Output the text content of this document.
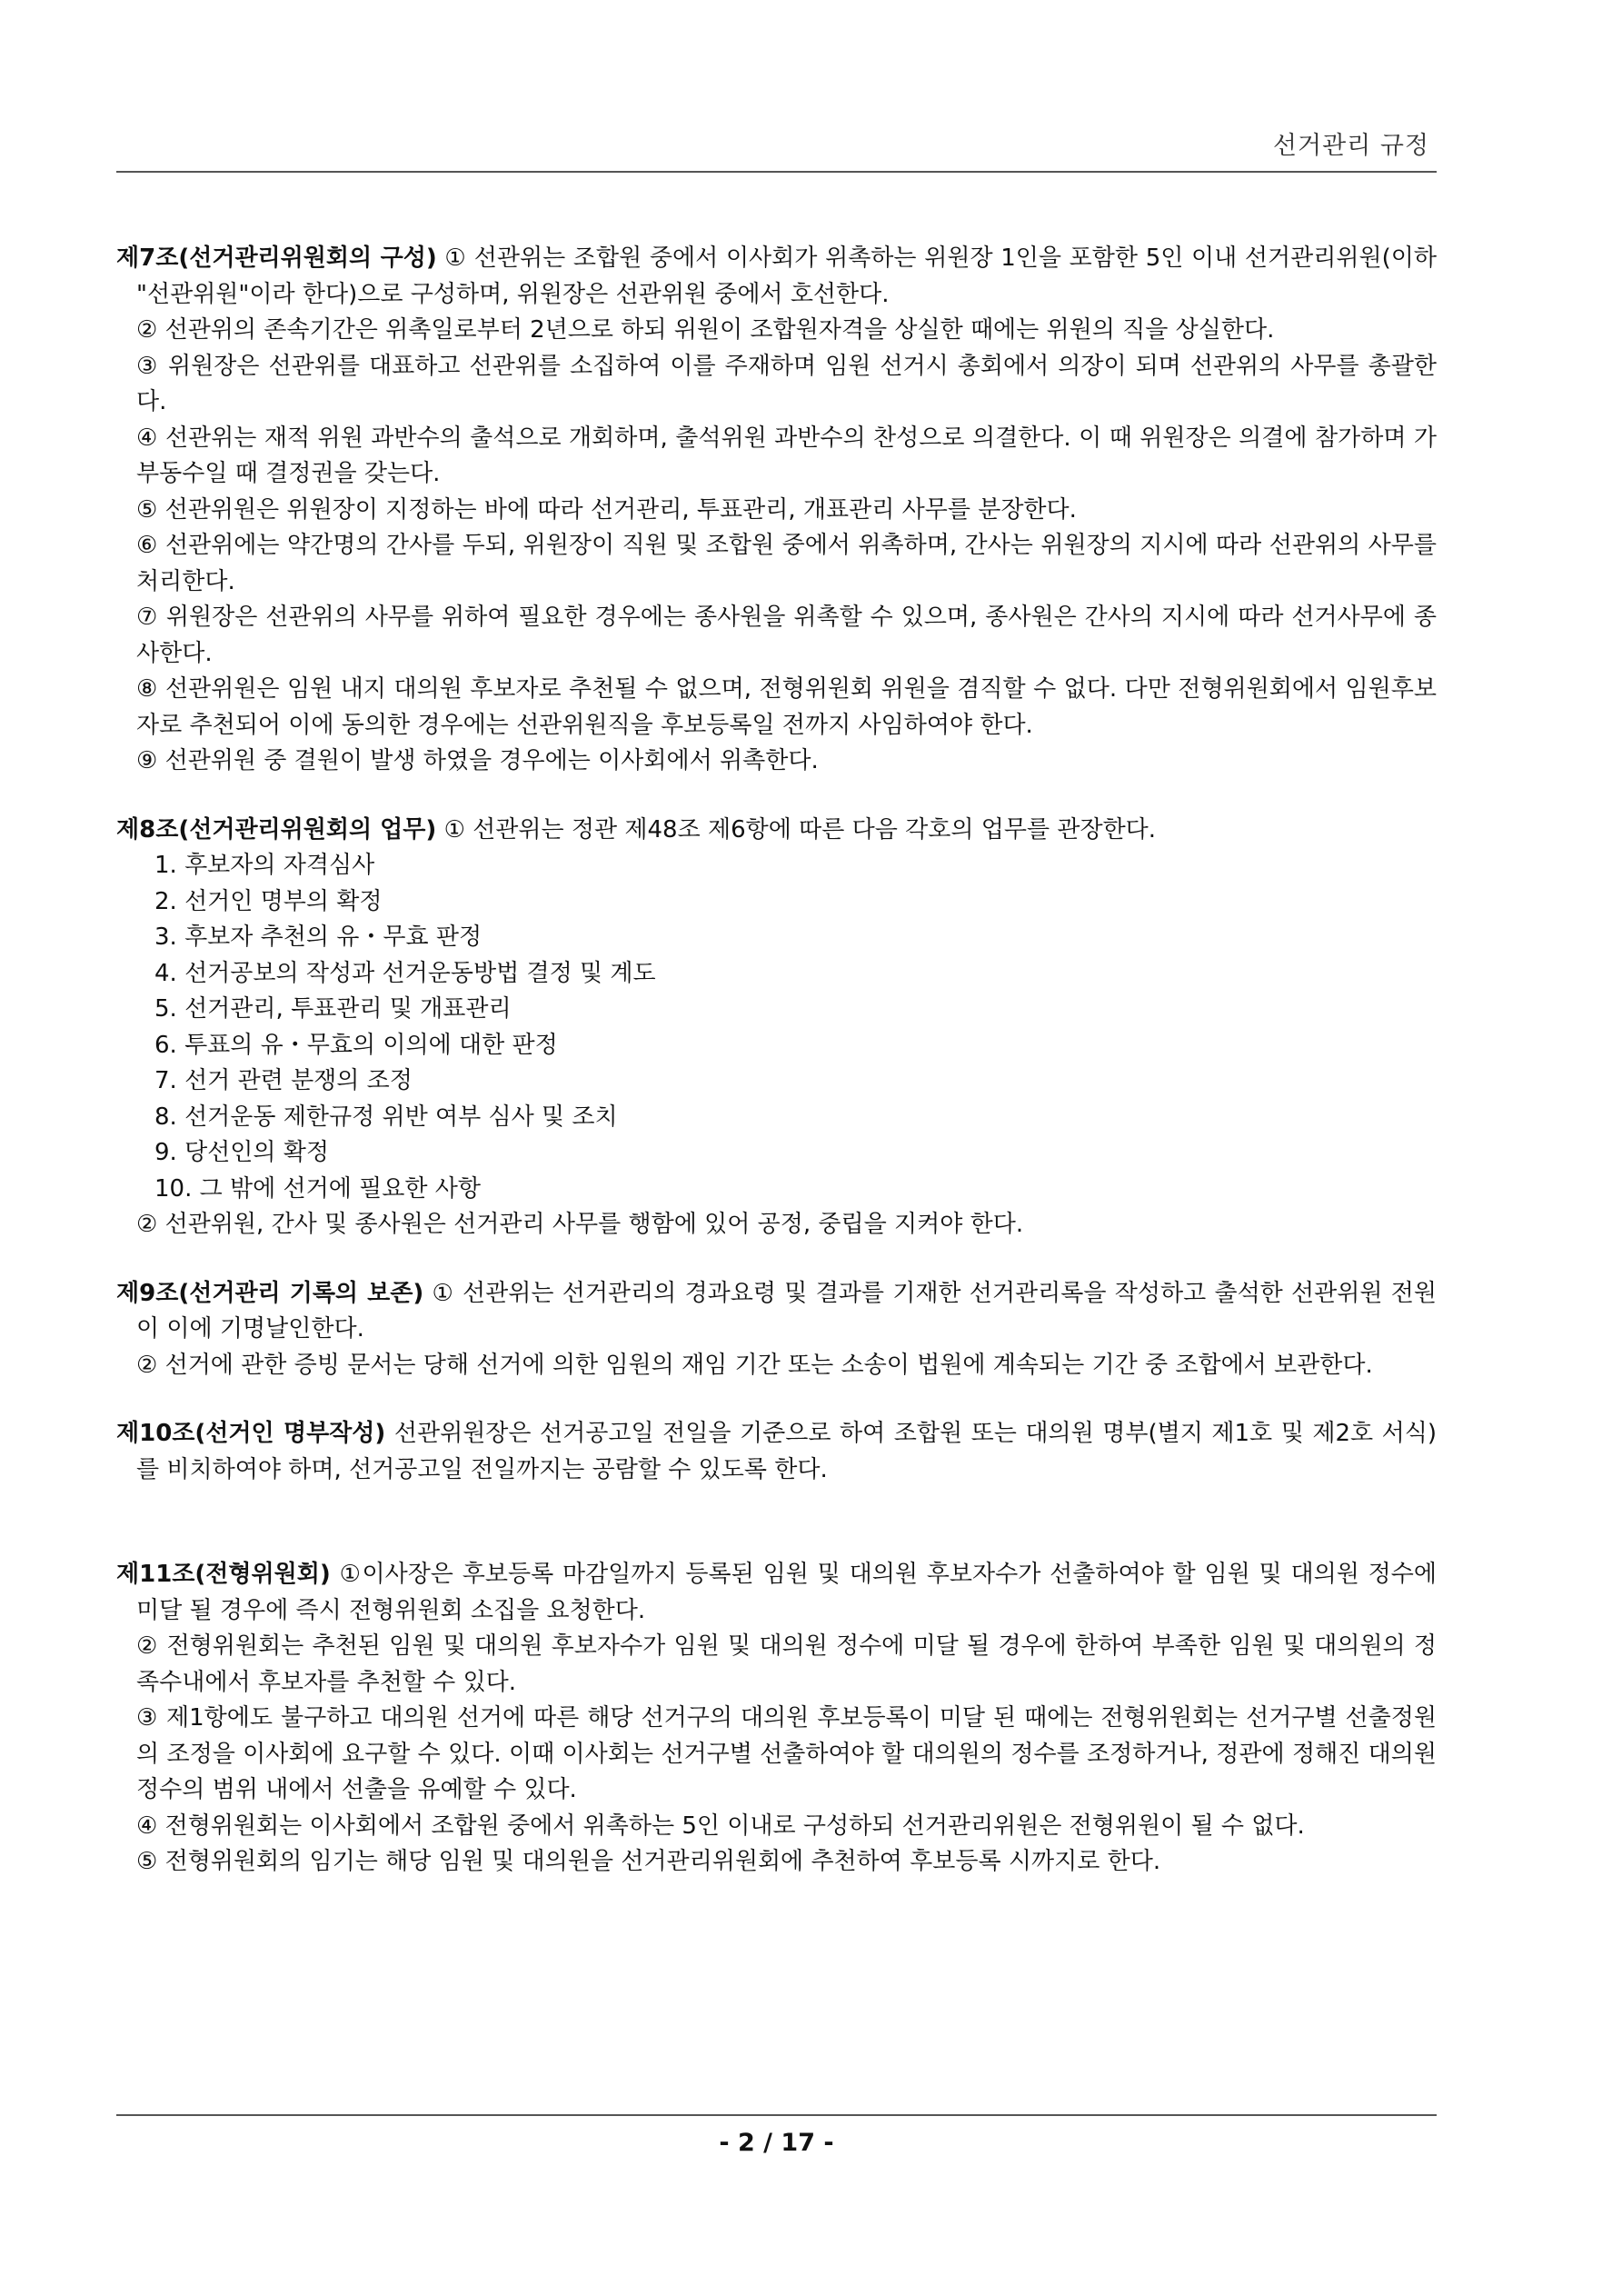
선거관리 규정

제7조(선거관리위원회의 구성) ① 선관위는 조합원 중에서 이사회가 위촉하는 위원장 1인을 포함한 5인 이내 선거관리위원(이하 "선관위원"이라 한다)으로 구성하며, 위원장은 선관위원 중에서 호선한다.

② 선관위의 존속기간은 위촉일로부터 2년으로 하되 위원이 조합원자격을 상실한 때에는 위원의 직을 상실한다.

③ 위원장은 선관위를 대표하고 선관위를 소집하여 이를 주재하며 임원 선거시 총회에서 의장이 되며 선관위의 사무를 총괄한다.

④ 선관위는 재적 위원 과반수의 출석으로 개회하며, 출석위원 과반수의 찬성으로 의결한다. 이 때 위원장은 의결에 참가하며 가부동수일 때 결정권을 갖는다.

⑤ 선관위원은 위원장이 지정하는 바에 따라 선거관리, 투표관리, 개표관리 사무를 분장한다.

⑥ 선관위에는 약간명의 간사를 두되, 위원장이 직원 및 조합원 중에서 위촉하며, 간사는 위원장의 지시에 따라 선관위의 사무를 처리한다.

⑦ 위원장은 선관위의 사무를 위하여 필요한 경우에는 종사원을 위촉할 수 있으며, 종사원은 간사의 지시에 따라 선거사무에 종사한다.

⑧ 선관위원은 임원 내지 대의원 후보자로 추천될 수 없으며, 전형위원회 위원을 겸직할 수 없다. 다만 전형위원회에서 임원후보자로 추천되어 이에 동의한 경우에는 선관위원직을 후보등록일 전까지 사임하여야 한다.

⑨ 선관위원 중 결원이 발생 하였을 경우에는 이사회에서 위촉한다.

제8조(선거관리위원회의 업무) ① 선관위는 정관 제48조 제6항에 따른 다음 각호의 업무를 관장한다.

1. 후보자의 자격심사
2. 선거인 명부의 확정
3. 후보자 추천의 유・무효 판정
4. 선거공보의 작성과 선거운동방법 결정 및 계도
5. 선거관리, 투표관리 및 개표관리
6. 투표의 유・무효의 이의에 대한 판정
7. 선거 관련 분쟁의 조정
8. 선거운동 제한규정 위반 여부 심사 및 조치
9. 당선인의 확정
10. 그 밖에 선거에 필요한 사항

② 선관위원, 간사 및 종사원은 선거관리 사무를 행함에 있어 공정, 중립을 지켜야 한다.

제9조(선거관리 기록의 보존) ① 선관위는 선거관리의 경과요령 및 결과를 기재한 선거관리록을 작성하고 출석한 선관위원 전원이 이에 기명날인한다.

② 선거에 관한 증빙 문서는 당해 선거에 의한 임원의 재임 기간 또는 소송이 법원에 계속되는 기간 중 조합에서 보관한다.

제10조(선거인 명부작성) 선관위원장은 선거공고일 전일을 기준으로 하여 조합원 또는 대의원 명부(별지 제1호 및 제2호 서식)를 비치하여야 하며, 선거공고일 전일까지는 공람할 수 있도록 한다.

제11조(전형위원회) ①이사장은 후보등록 마감일까지 등록된 임원 및 대의원 후보자수가 선출하여야 할 임원 및 대의원 정수에 미달 될 경우에 즉시 전형위원회 소집을 요청한다.

② 전형위원회는 추천된 임원 및 대의원 후보자수가 임원 및 대의원 정수에 미달 될 경우에 한하여 부족한 임원 및 대의원의 정족수내에서 후보자를 추천할 수 있다.

③ 제1항에도 불구하고 대의원 선거에 따른 해당 선거구의 대의원 후보등록이 미달 된 때에는 전형위원회는 선거구별 선출정원의 조정을 이사회에 요구할 수 있다. 이때 이사회는 선거구별 선출하여야 할 대의원의 정수를 조정하거나, 정관에 정해진 대의원 정수의 범위 내에서 선출을 유예할 수 있다.

④ 전형위원회는 이사회에서 조합원 중에서 위촉하는 5인 이내로 구성하되 선거관리위원은 전형위원이 될 수 없다.

⑤ 전형위원회의 임기는 해당 임원 및 대의원을 선거관리위원회에 추천하여 후보등록 시까지로 한다.

- 2 / 17 -
